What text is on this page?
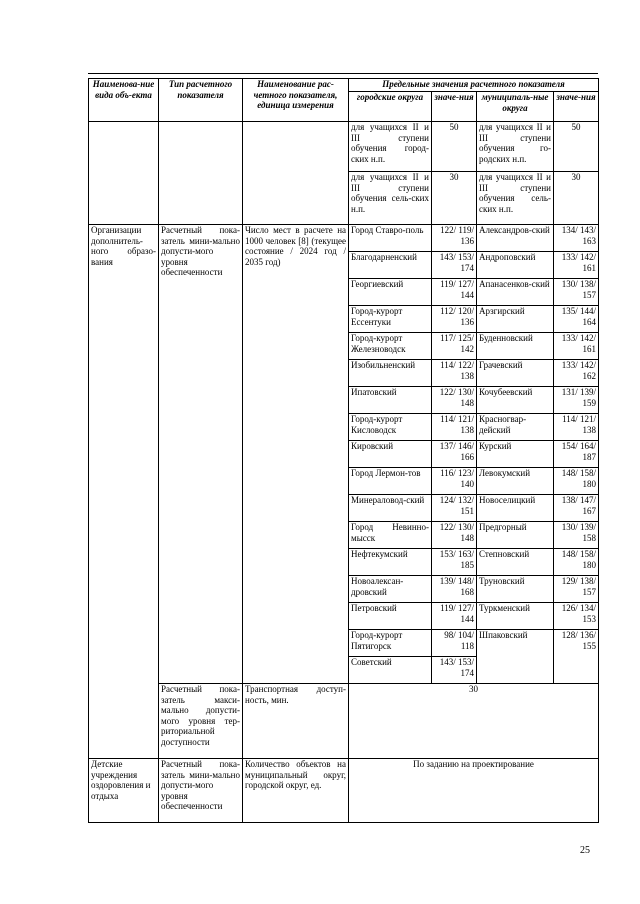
Наименова-ние вида объ-екта	Тип расчетного показателя	Наименование рас-четного показателя, единица измерения	Предельные значения расчетного показателя			
			городские округа	значе-ния	муниципаль-ные округа	значе-ния
			для учащихся II и III ступени обучения город-ских н.п.	50	для учащихся II и III ступени обучения го-родских н.п.	50
			для учащихся II и III ступени обучения сель-ских н.п.	30	для учащихся II и III ступени обучения сель-ских н.п.	30
Организации дополнитель-ного образо-вания	Расчетный пока-затель мини-мально допусти-мого уровня обеспеченности	Число мест в расчете на 1000 человек [8] (текущее состояние / 2024 год / 2035 год)	Город Ставро-поль	122/ 119/ 136	Александров-ский	134/ 143/ 163
			Благодарненский	143/ 153/ 174	Андроповский	133/ 142/ 161
			Георгиевский	119/ 127/ 144	Апанасенков-ский	130/ 138/ 157
			Город-курорт Ессентуки	112/ 120/ 136	Арзгирский	135/ 144/ 164
			Город-курорт Железноводск	117/ 125/ 142	Буденновский	133/ 142/ 161
			Изобильненский	114/ 122/ 138	Грачевский	133/ 142/ 162
			Ипатовский	122/ 130/ 148	Кочубеевский	131/ 139/ 159
			Город-курорт Кисловодск	114/ 121/ 138	Красногвар-дейский	114/ 121/ 138
			Кировский	137/ 146/ 166	Курский	154/ 164/ 187
			Город Лермон-тов	116/ 123/ 140	Левокумский	148/ 158/ 180
			Минераловод-ский	124/ 132/ 151	Новоселицкий	138/ 147/ 167
			Город Невинно-мысск	122/ 130/ 148	Предгорный	130/ 139/ 158
			Нефтекумский	153/ 163/ 185	Степновский	148/ 158/ 180
			Новоалексан-дровский	139/ 148/ 168	Труновский	129/ 138/ 157
			Петровский	119/ 127/ 144	Туркменский	126/ 134/ 153
			Город-курорт Пятигорск	98/ 104/ 118	Шпаковский	128/ 136/ 155
			Советский	143/ 153/ 174		
	Расчетный пока-затель макси-мально допусти-мого уровня тер-риториальной доступности	Транспортная доступ-ность, мин.	30			
Детские учреждения оздоровления и отдыха	Расчетный пока-затель мини-мально допусти-мого уровня обеспеченности	Количество объектов на муниципальный округ, городской округ, ед.	По заданию на проектирование			
25
